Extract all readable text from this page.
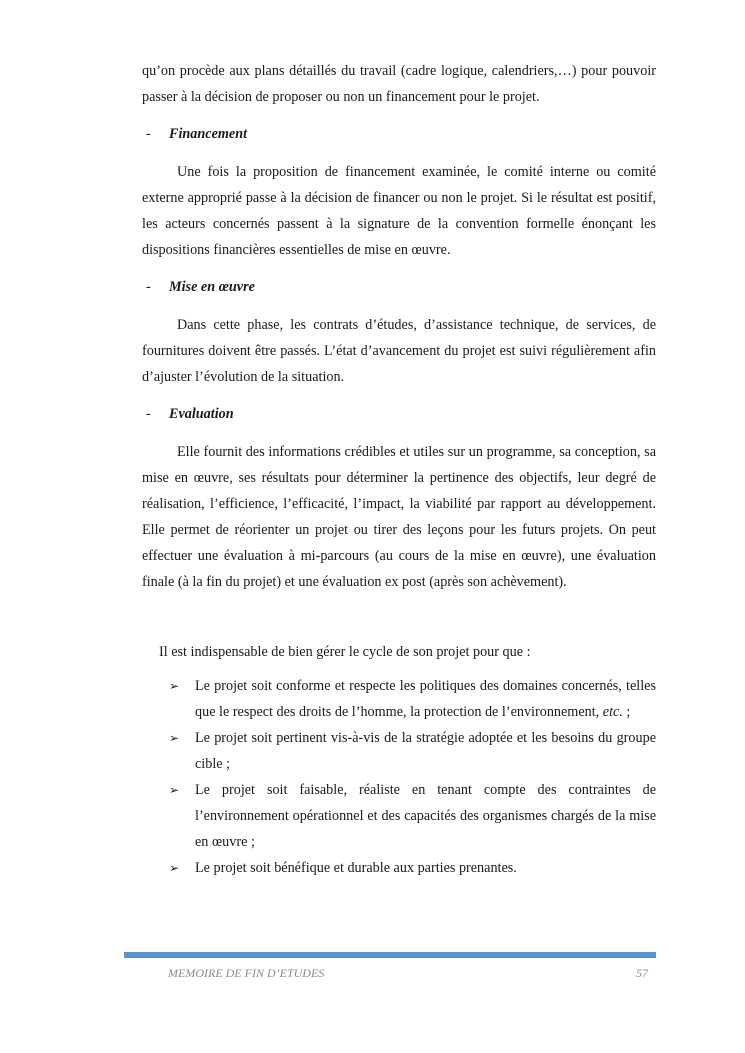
qu’on procède aux plans détaillés du travail (cadre logique, calendriers,…) pour pouvoir passer à la décision de proposer ou non un financement pour le projet.

-	Financement

Une fois la proposition de financement examinée, le comité interne ou comité externe approprié passe à la décision de financer ou non le projet. Si le résultat est positif, les acteurs concernés passent à la signature de la convention formelle énonçant les dispositions financières essentielles de mise en œuvre.

-	Mise en œuvre

Dans cette phase, les contrats d’études, d’assistance technique, de services, de fournitures doivent être passés. L’état d’avancement du projet est suivi régulièrement afin d’ajuster l’évolution de la situation.

-	Evaluation

Elle fournit des informations crédibles et utiles sur un programme, sa conception, sa mise en œuvre, ses résultats pour déterminer la pertinence des objectifs, leur degré de réalisation, l’efficience, l’efficacité, l’impact, la viabilité par rapport au développement. Elle permet de réorienter un projet ou tirer des leçons pour les futurs projets. On peut effectuer une évaluation à mi-parcours (au cours de la mise en œuvre), une évaluation finale (à la fin du projet) et une évaluation ex post (après son achèvement).

Il est indispensable de bien gérer le cycle de son projet pour que :
➢	Le projet soit conforme et respecte les politiques des domaines concernés, telles que le respect des droits de l’homme, la protection de l’environnement, etc. ;
➢	Le projet soit pertinent vis-à-vis de la stratégie adoptée et les besoins du groupe cible ;
➢	Le projet soit faisable, réaliste en tenant compte des contraintes de l’environnement opérationnel et des capacités des organismes chargés de la mise en œuvre ;
➢	Le projet soit bénéfique et durable aux parties prenantes.
MEMOIRE DE FIN D’ETUDES	57
